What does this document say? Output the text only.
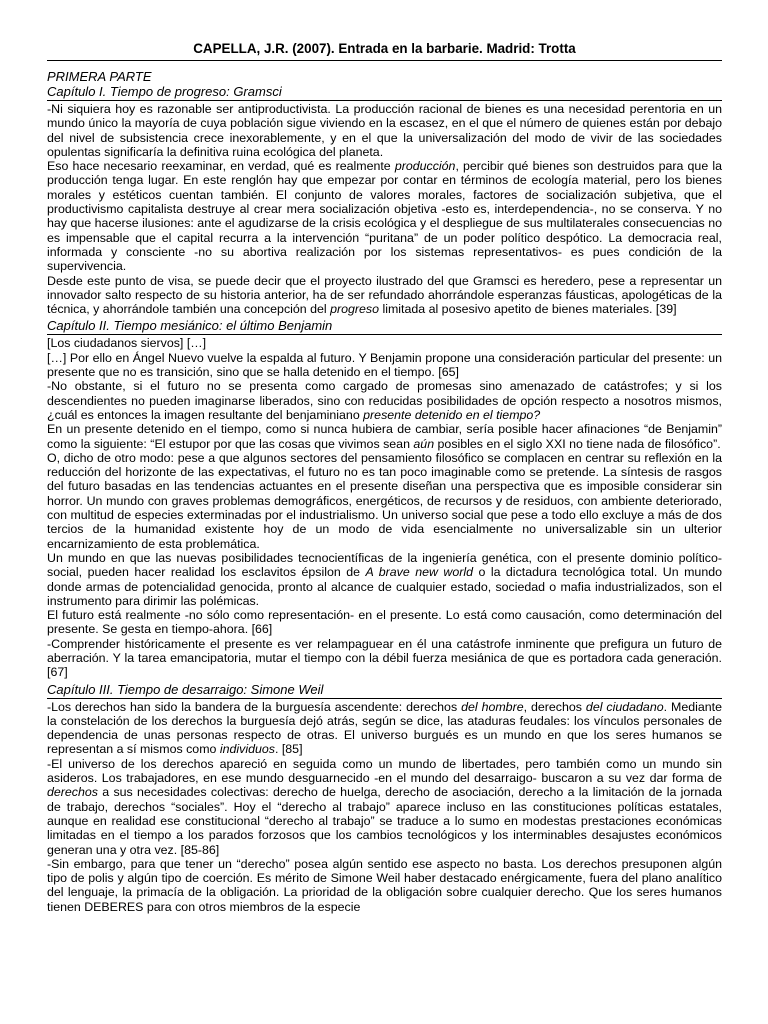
CAPELLA, J.R. (2007). Entrada en la barbarie. Madrid: Trotta
PRIMERA PARTE
Capítulo I. Tiempo de progreso: Gramsci

-Ni siquiera hoy es razonable ser antiproductivista. La producción racional de bienes es una necesidad perentoria en un mundo único la mayoría de cuya población sigue viviendo en la escasez, en el que el número de quienes están por debajo del nivel de subsistencia crece inexorablemente, y en el que la universalización del modo de vivir de las sociedades opulentas significaría la definitiva ruina ecológica del planeta.

Eso hace necesario reexaminar, en verdad, qué es realmente producción, percibir qué bienes son destruidos para que la producción tenga lugar. En este renglón hay que empezar por contar en términos de ecología material, pero los bienes morales y estéticos cuentan también. El conjunto de valores morales, factores de socialización subjetiva, que el productivismo capitalista destruye al crear mera socialización objetiva -esto es, interdependencia-, no se conserva. Y no hay que hacerse ilusiones: ante el agudizarse de la crisis ecológica y el despliegue de sus multilaterales consecuencias no es impensable que el capital recurra a la intervención “puritana” de un poder político despótico. La democracia real, informada y consciente -no su abortiva realización por los sistemas representativos- es pues condición de la supervivencia.

Desde este punto de visa, se puede decir que el proyecto ilustrado del que Gramsci es heredero, pese a representar un innovador salto respecto de su historia anterior, ha de ser refundado ahorrándole esperanzas fáusticas, apologéticas de la técnica, y ahorrándole también una concepción del progreso limitada al posesivo apetito de bienes materiales. [39]

Capítulo II. Tiempo mesiánico: el último Benjamin

[Los ciudadanos siervos] […]

[…] Por ello en Ángel Nuevo vuelve la espalda al futuro. Y Benjamin propone una consideración particular del presente: un presente que no es transición, sino que se halla detenido en el tiempo. [65]

-No obstante, si el futuro no se presenta como cargado de promesas sino amenazado de catástrofes; y si los descendientes no pueden imaginarse liberados, sino con reducidas posibilidades de opción respecto a nosotros mismos, ¿cuál es entonces la imagen resultante del benjaminiano presente detenido en el tiempo?

En un presente detenido en el tiempo, como si nunca hubiera de cambiar, sería posible hacer afinaciones “de Benjamin” como la siguiente: “El estupor por que las cosas que vivimos sean aún posibles en el siglo XXI no tiene nada de filosófico”.

O, dicho de otro modo: pese a que algunos sectores del pensamiento filosófico se complacen en centrar su reflexión en la reducción del horizonte de las expectativas, el futuro no es tan poco imaginable como se pretende. La síntesis de rasgos del futuro basadas en las tendencias actuantes en el presente diseñan una perspectiva que es imposible considerar sin horror. Un mundo con graves problemas demográficos, energéticos, de recursos y de residuos, con ambiente deteriorado, con multitud de especies exterminadas por el industrialismo. Un universo social que pese a todo ello excluye a más de dos tercios de la humanidad existente hoy de un modo de vida esencialmente no universalizable sin un ulterior encarnizamiento de esta problemática.

Un mundo en que las nuevas posibilidades tecnocientíficas de la ingeniería genética, con el presente dominio político-social, pueden hacer realidad los esclavitos épsilon de A brave new world o la dictadura tecnológica total. Un mundo donde armas de potencialidad genocida, pronto al alcance de cualquier estado, sociedad o mafia industrializados, son el instrumento para dirimir las polémicas.

El futuro está realmente -no sólo como representación- en el presente. Lo está como causación, como determinación del presente. Se gesta en tiempo-ahora. [66]

-Comprender históricamente el presente es ver relampaguear en él una catástrofe inminente que prefigura un futuro de aberración. Y la tarea emancipatoria, mutar el tiempo con la débil fuerza mesiánica de que es portadora cada generación. [67]

Capítulo III. Tiempo de desarraigo: Simone Weil

-Los derechos han sido la bandera de la burguesía ascendente: derechos del hombre, derechos del ciudadano. Mediante la constelación de los derechos la burguesía dejó atrás, según se dice, las ataduras feudales: los vínculos personales de dependencia de unas personas respecto de otras. El universo burgués es un mundo en que los seres humanos se representan a sí mismos como individuos. [85]

-El universo de los derechos apareció en seguida como un mundo de libertades, pero también como un mundo sin asideros. Los trabajadores, en ese mundo desguarnecido -en el mundo del desarraigo- buscaron a su vez dar forma de derechos a sus necesidades colectivas: derecho de huelga, derecho de asociación, derecho a la limitación de la jornada de trabajo, derechos “sociales”. Hoy el “derecho al trabajo” aparece incluso en las constituciones políticas estatales, aunque en realidad ese constitucional “derecho al trabajo” se traduce a lo sumo en modestas prestaciones económicas limitadas en el tiempo a los parados forzosos que los cambios tecnológicos y los interminables desajustes económicos generan una y otra vez. [85-86]

-Sin embargo, para que tener un “derecho” posea algún sentido ese aspecto no basta. Los derechos presuponen algún tipo de polis y algún tipo de coerción. Es mérito de Simone Weil haber destacado enérgicamente, fuera del plano analítico del lenguaje, la primacía de la obligación. La prioridad de la obligación sobre cualquier derecho. Que los seres humanos tienen DEBERES para con otros miembros de la especie
